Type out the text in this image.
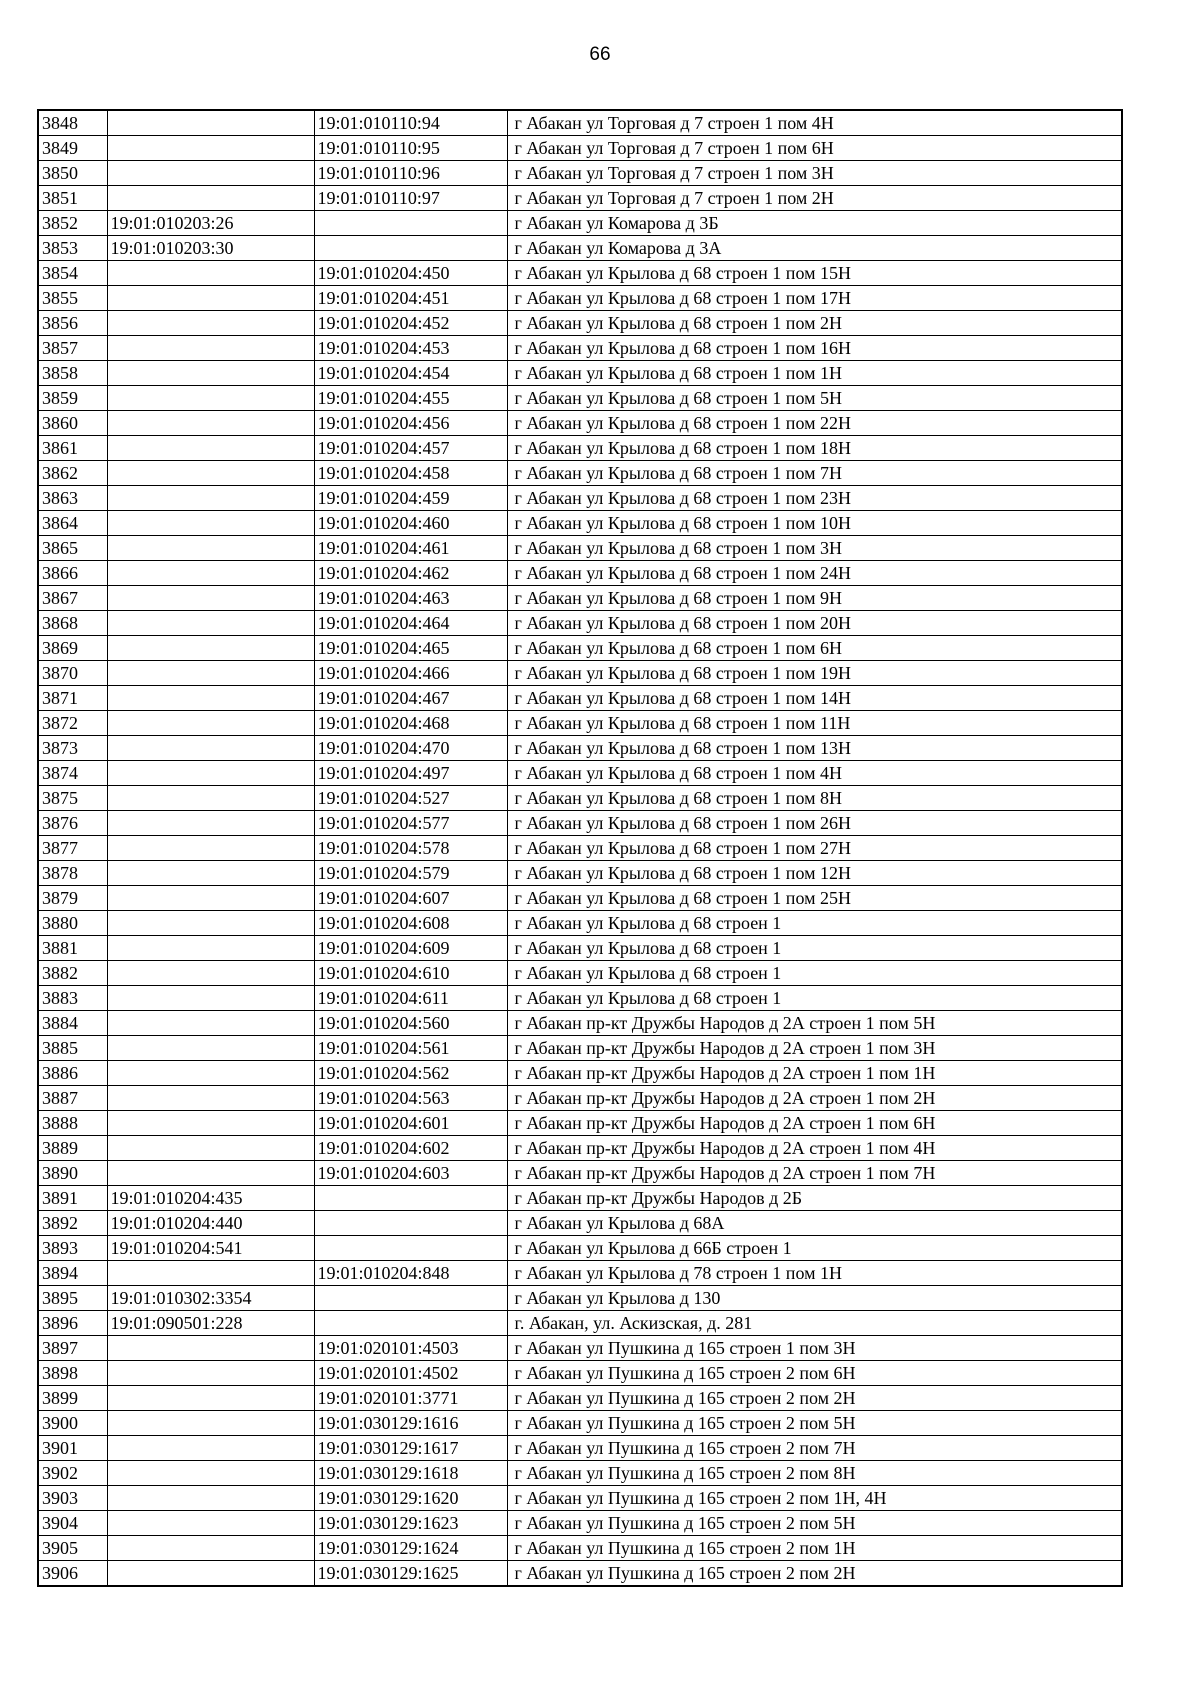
66
3848		19:01:010110:94	г Абакан ул Торговая д 7 строен 1 пом 4Н
3849		19:01:010110:95	г Абакан ул Торговая д 7 строен 1 пом 6Н
3850		19:01:010110:96	г Абакан ул Торговая д 7 строен 1 пом 3Н
3851		19:01:010110:97	г Абакан ул Торговая д 7 строен 1 пом 2Н
3852	19:01:010203:26		г Абакан ул Комарова д 3Б
3853	19:01:010203:30		г Абакан ул Комарова д 3А
3854		19:01:010204:450	г Абакан ул Крылова д 68 строен 1 пом 15Н
3855		19:01:010204:451	г Абакан ул Крылова д 68 строен 1 пом 17Н
3856		19:01:010204:452	г Абакан ул Крылова д 68 строен 1 пом 2Н
3857		19:01:010204:453	г Абакан ул Крылова д 68 строен 1 пом 16Н
3858		19:01:010204:454	г Абакан ул Крылова д 68 строен 1 пом 1Н
3859		19:01:010204:455	г Абакан ул Крылова д 68 строен 1 пом 5Н
3860		19:01:010204:456	г Абакан ул Крылова д 68 строен 1 пом 22Н
3861		19:01:010204:457	г Абакан ул Крылова д 68 строен 1 пом 18Н
3862		19:01:010204:458	г Абакан ул Крылова д 68 строен 1 пом 7Н
3863		19:01:010204:459	г Абакан ул Крылова д 68 строен 1 пом 23Н
3864		19:01:010204:460	г Абакан ул Крылова д 68 строен 1 пом 10Н
3865		19:01:010204:461	г Абакан ул Крылова д 68 строен 1 пом 3Н
3866		19:01:010204:462	г Абакан ул Крылова д 68 строен 1 пом 24Н
3867		19:01:010204:463	г Абакан ул Крылова д 68 строен 1 пом 9Н
3868		19:01:010204:464	г Абакан ул Крылова д 68 строен 1 пом 20Н
3869		19:01:010204:465	г Абакан ул Крылова д 68 строен 1 пом 6Н
3870		19:01:010204:466	г Абакан ул Крылова д 68 строен 1 пом 19Н
3871		19:01:010204:467	г Абакан ул Крылова д 68 строен 1 пом 14Н
3872		19:01:010204:468	г Абакан ул Крылова д 68 строен 1 пом 11Н
3873		19:01:010204:470	г Абакан ул Крылова д 68 строен 1 пом 13Н
3874		19:01:010204:497	г Абакан ул Крылова д 68 строен 1 пом 4Н
3875		19:01:010204:527	г Абакан ул Крылова д 68 строен 1 пом 8Н
3876		19:01:010204:577	г Абакан ул Крылова д 68 строен 1 пом 26Н
3877		19:01:010204:578	г Абакан ул Крылова д 68 строен 1 пом 27Н
3878		19:01:010204:579	г Абакан ул Крылова д 68 строен 1 пом 12Н
3879		19:01:010204:607	г Абакан ул Крылова д 68 строен 1 пом 25Н
3880		19:01:010204:608	г Абакан ул Крылова д 68 строен 1
3881		19:01:010204:609	г Абакан ул Крылова д 68 строен 1
3882		19:01:010204:610	г Абакан ул Крылова д 68 строен 1
3883		19:01:010204:611	г Абакан ул Крылова д 68 строен 1
3884		19:01:010204:560	г Абакан пр-кт Дружбы Народов д 2А строен 1 пом 5Н
3885		19:01:010204:561	г Абакан пр-кт Дружбы Народов д 2А строен 1 пом 3Н
3886		19:01:010204:562	г Абакан пр-кт Дружбы Народов д 2А строен 1 пом 1Н
3887		19:01:010204:563	г Абакан пр-кт Дружбы Народов д 2А строен 1 пом 2Н
3888		19:01:010204:601	г Абакан пр-кт Дружбы Народов д 2А строен 1 пом 6Н
3889		19:01:010204:602	г Абакан пр-кт Дружбы Народов д 2А строен 1 пом 4Н
3890		19:01:010204:603	г Абакан пр-кт Дружбы Народов д 2А строен 1 пом 7Н
3891	19:01:010204:435		г Абакан пр-кт Дружбы Народов д 2Б
3892	19:01:010204:440		г Абакан ул Крылова д 68А
3893	19:01:010204:541		г Абакан ул Крылова д 66Б строен 1
3894		19:01:010204:848	г Абакан ул Крылова д 78 строен 1 пом 1Н
3895	19:01:010302:3354		г Абакан ул Крылова д 130
3896	19:01:090501:228		г. Абакан, ул. Аскизская, д. 281
3897		19:01:020101:4503	г Абакан ул Пушкина д 165 строен 1 пом 3Н
3898		19:01:020101:4502	г Абакан ул Пушкина д 165 строен 2 пом 6Н
3899		19:01:020101:3771	г Абакан ул Пушкина д 165 строен 2 пом 2Н
3900		19:01:030129:1616	г Абакан ул Пушкина д 165 строен 2 пом 5Н
3901		19:01:030129:1617	г Абакан ул Пушкина д 165 строен 2 пом 7Н
3902		19:01:030129:1618	г Абакан ул Пушкина д 165 строен 2 пом 8Н
3903		19:01:030129:1620	г Абакан ул Пушкина д 165 строен 2 пом 1Н, 4Н
3904		19:01:030129:1623	г Абакан ул Пушкина д 165 строен 2 пом 5Н
3905		19:01:030129:1624	г Абакан ул Пушкина д 165 строен 2 пом 1Н
3906		19:01:030129:1625	г Абакан ул Пушкина д 165 строен 2 пом 2Н
